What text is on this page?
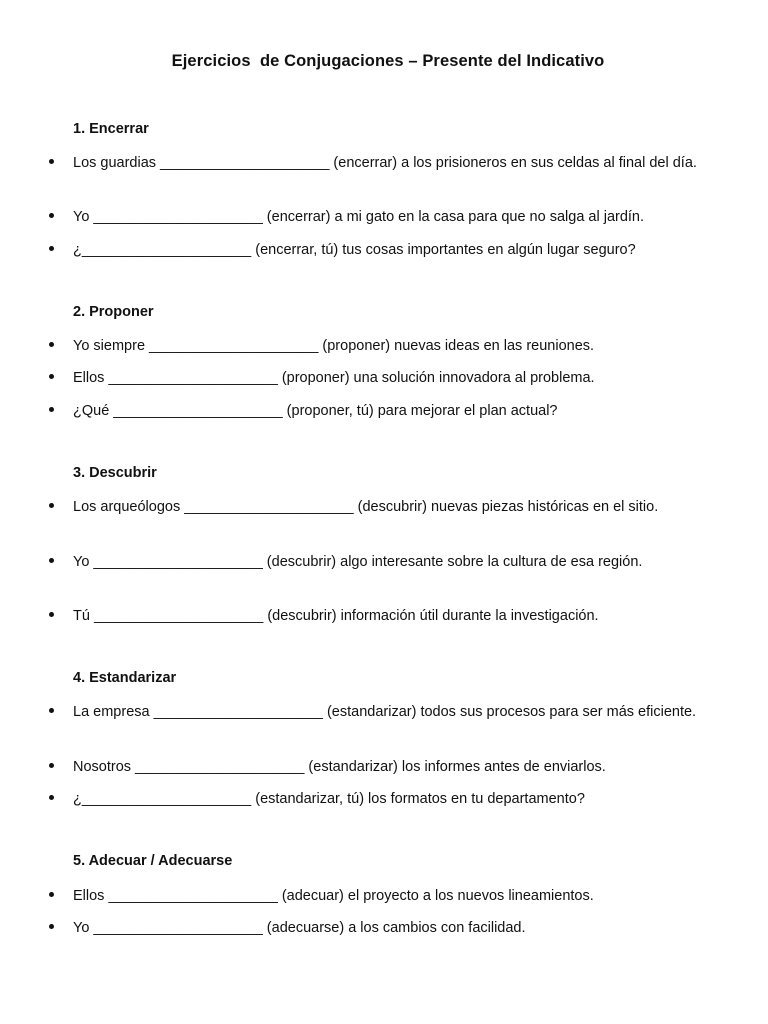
Ejercicios  de Conjugaciones – Presente del Indicativo
1. Encerrar
Los guardias _____________________ (encerrar) a los prisioneros en sus celdas al final del día.
Yo _____________________ (encerrar) a mi gato en la casa para que no salga al jardín.
¿_____________________ (encerrar, tú) tus cosas importantes en algún lugar seguro?
2. Proponer
Yo siempre _____________________ (proponer) nuevas ideas en las reuniones.
Ellos _____________________ (proponer) una solución innovadora al problema.
¿Qué _____________________ (proponer, tú) para mejorar el plan actual?
3. Descubrir
Los arqueólogos _____________________ (descubrir) nuevas piezas históricas en el sitio.
Yo _____________________ (descubrir) algo interesante sobre la cultura de esa región.
Tú _____________________ (descubrir) información útil durante la investigación.
4. Estandarizar
La empresa _____________________ (estandarizar) todos sus procesos para ser más eficiente.
Nosotros _____________________ (estandarizar) los informes antes de enviarlos.
¿_____________________ (estandarizar, tú) los formatos en tu departamento?
5. Adecuar / Adecuarse
Ellos _____________________ (adecuar) el proyecto a los nuevos lineamientos.
Yo _____________________ (adecuarse) a los cambios con facilidad.
